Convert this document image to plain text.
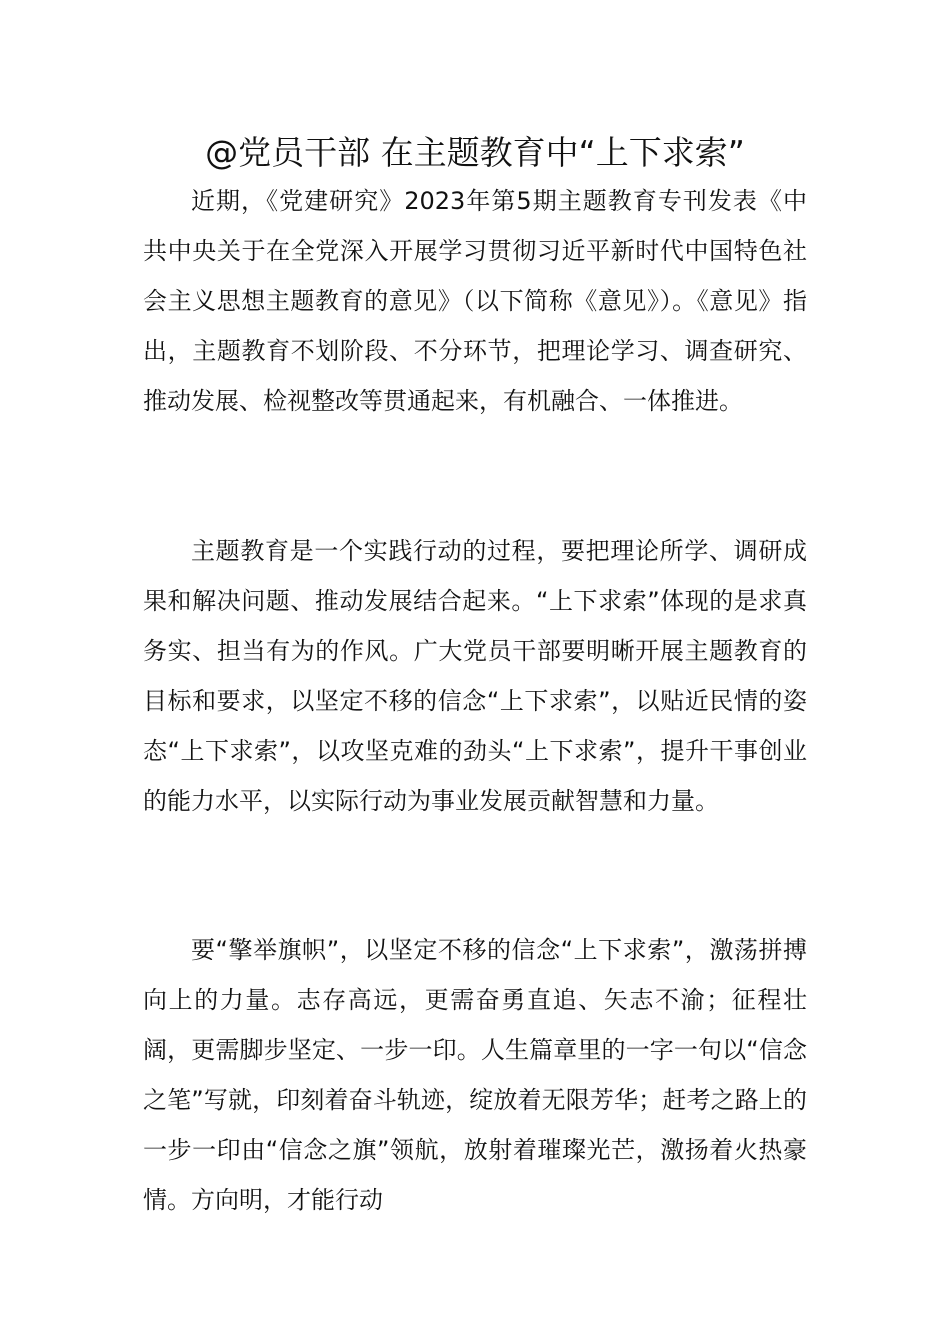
@党员干部 在主题教育中“上下求索”

近期，《党建研究》2023年第5期主题教育专刊发表《中共中央关于在全党深入开展学习贯彻习近平新时代中国特色社会主义思想主题教育的意见》（以下简称《意见》）。《意见》指出，主题教育不划阶段、不分环节，把理论学习、调查研究、推动发展、检视整改等贯通起来，有机融合、一体推进。

主题教育是一个实践行动的过程，要把理论所学、调研成果和解决问题、推动发展结合起来。“上下求索”体现的是求真务实、担当有为的作风。广大党员干部要明晰开展主题教育的目标和要求，以坚定不移的信念“上下求索”，以贴近民情的姿态“上下求索”，以攻坚克难的劲头“上下求索”，提升干事创业的能力水平，以实际行动为事业发展贡献智慧和力量。

要“擎举旗帜”，以坚定不移的信念“上下求索”，激荡拼搏向上的力量。志存高远，更需奋勇直追、矢志不渝；征程壮阔，更需脚步坚定、一步一印。人生篇章里的一字一句以“信念之笔”写就，印刻着奋斗轨迹，绽放着无限芳华；赶考之路上的一步一印由“信念之旗”领航，放射着璀璨光芒，激扬着火热豪情。方向明，才能行动
